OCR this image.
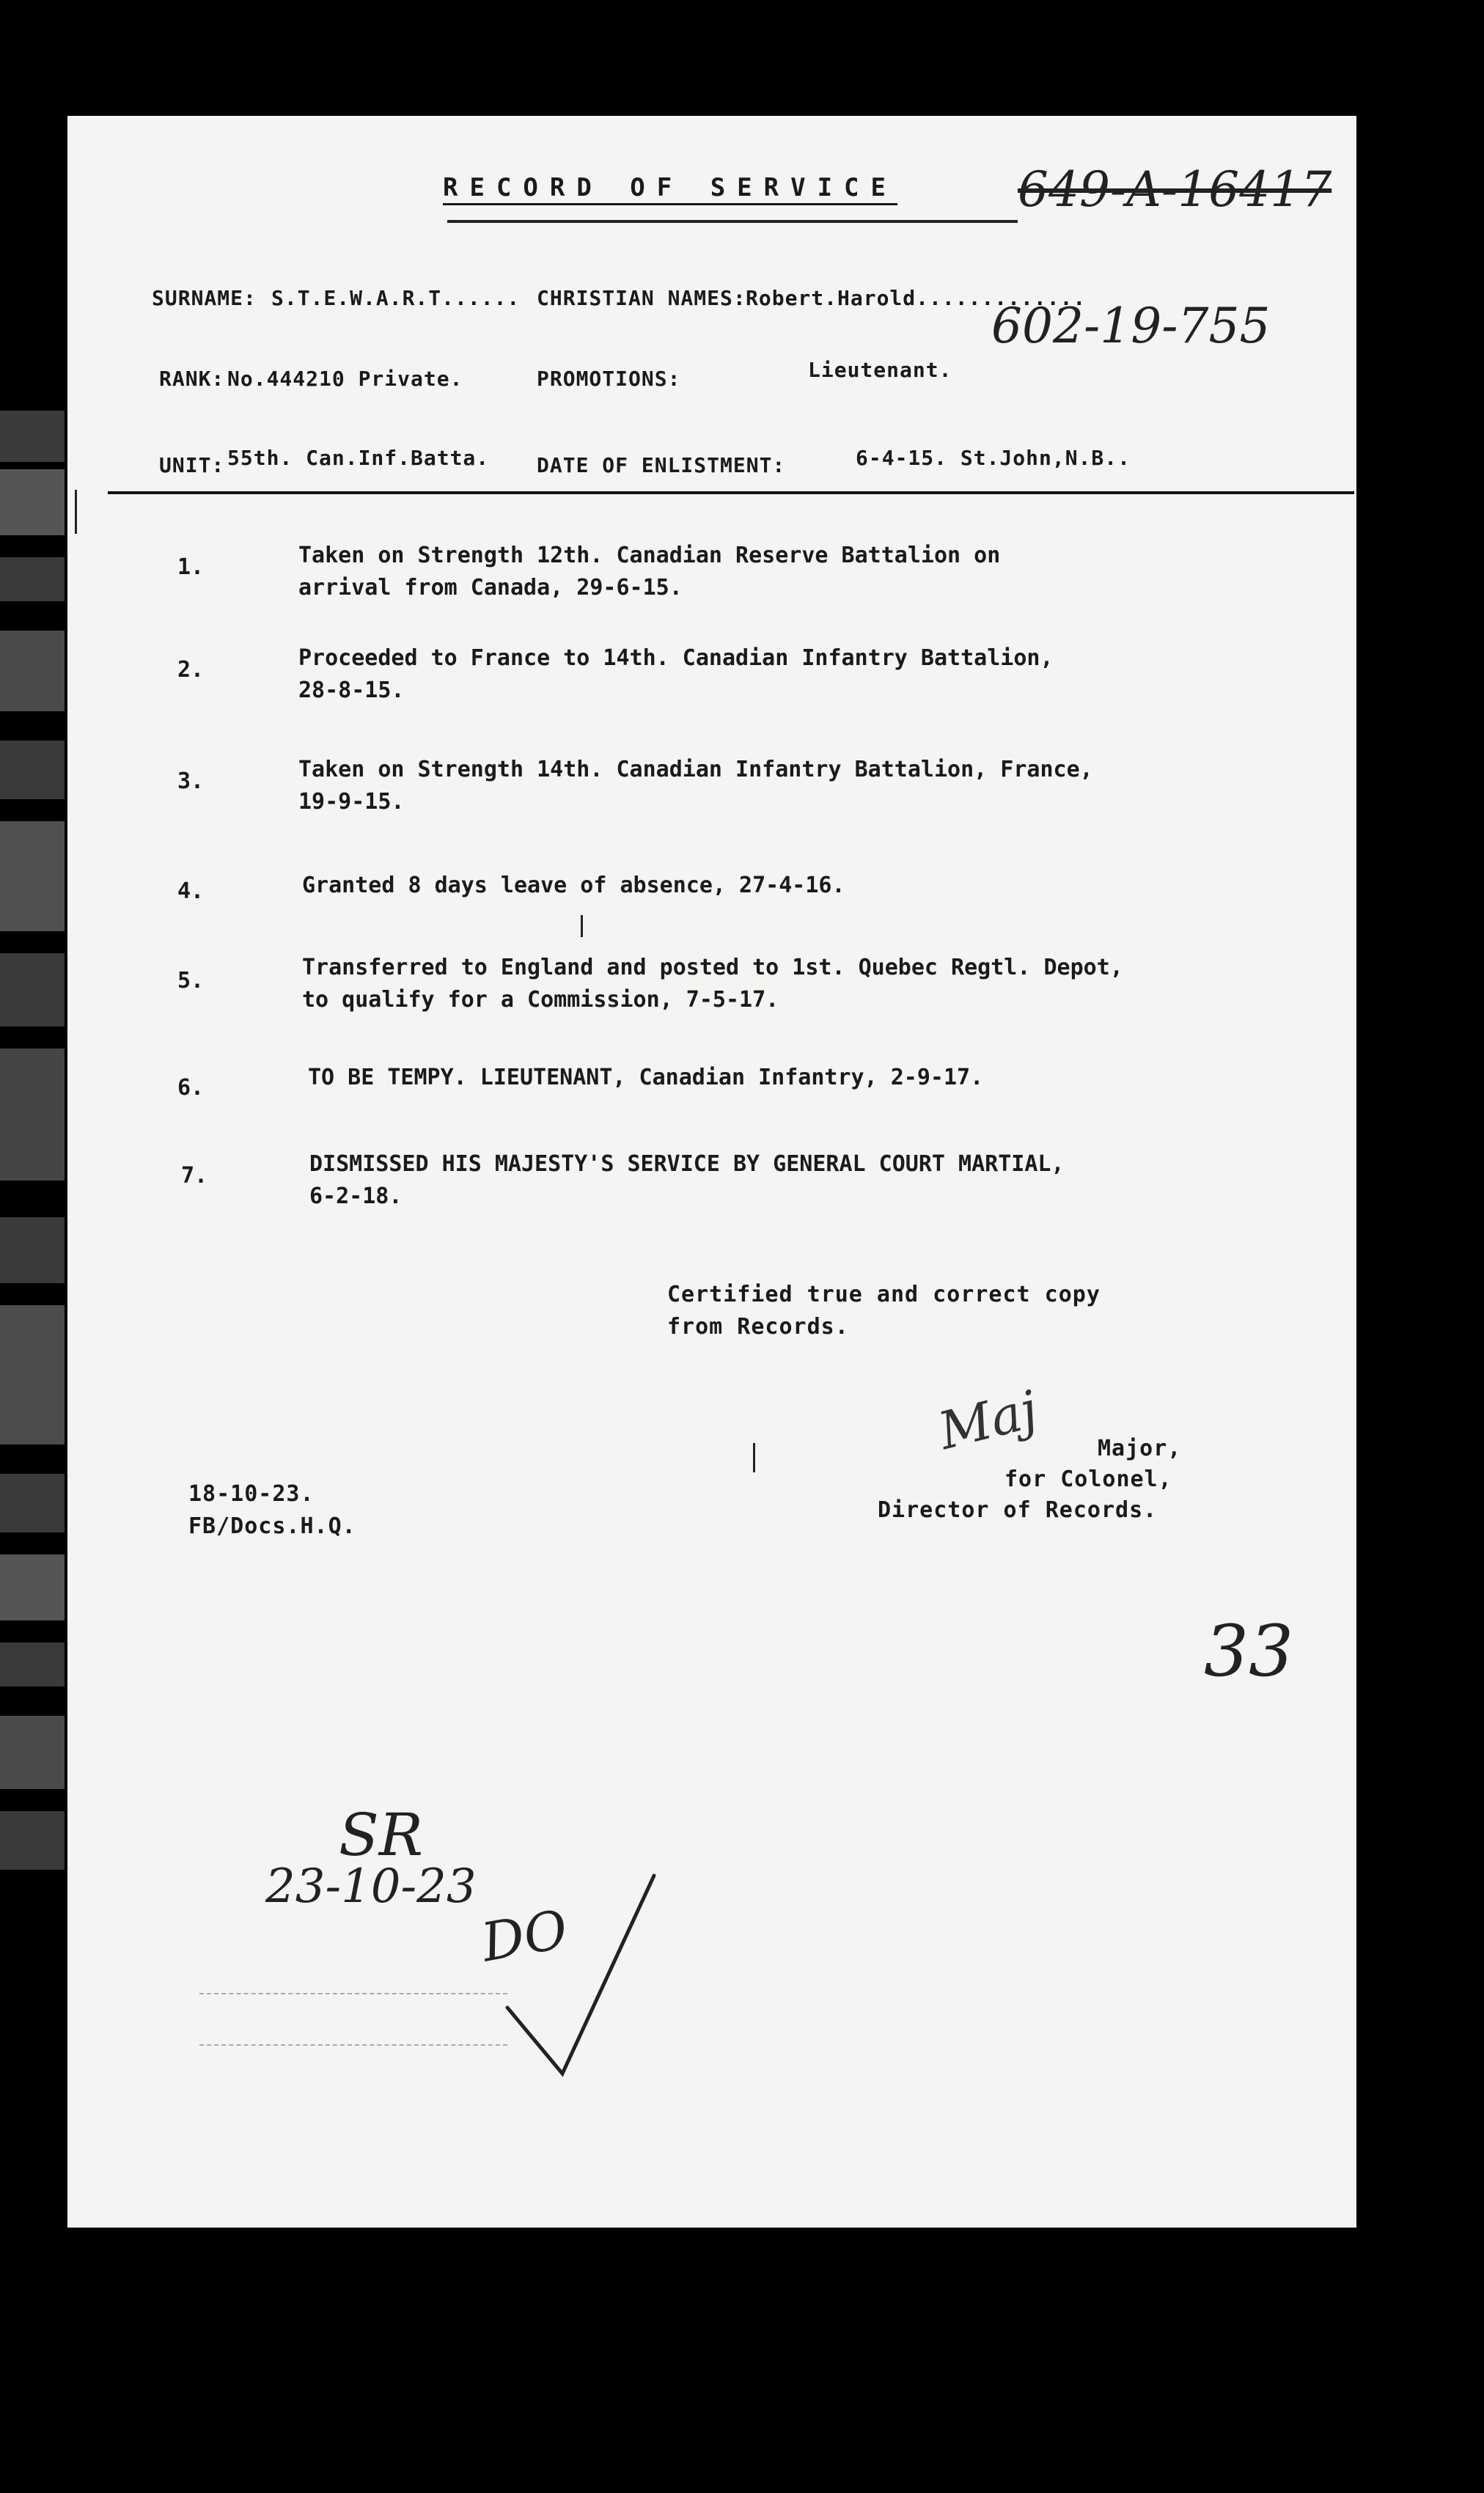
RECORD OF SERVICE 649-A-16417
602-19-755
SURNAME: S.T.E.W.A.R.T...... CHRISTIAN NAMES: Robert.Harold.............
RANK: No.444210 Private.	PROMOTIONS:	Lieutenant.
UNIT: 55th. Can.Inf.Batta. DATE OF ENLISTMENT:	6-4-15. St.John,N.B..
1.	Taken on Strength 12th. Canadian Reserve Battalion on
arrival from Canada, 29-6-15.
2.	Proceeded to France to 14th. Canadian Infantry Battalion,
28-8-15.
3.	Taken on Strength 14th. Canadian Infantry Battalion, France,
19-9-15.
4.	Granted 8 days leave of absence, 27-4-16.
5.
Transferred to England and posted to 1st. Quebec Regtl. Depot,
to qualify for a Commission, 7-5-17.
6.	TO BE TEMPY. LIEUTENANT, Canadian Infantry, 2-9-17.
7.	DISMISSED HIS MAJESTY'S SERVICE BY GENERAL COURT MARTIAL,
6-2-18.
Certified true and correct copy
from Records.
Maj Major,
for Colonel,
Director of Records.
18-10-23.
FB/Docs.H.Q.
33
SR
23-10-23
DO
